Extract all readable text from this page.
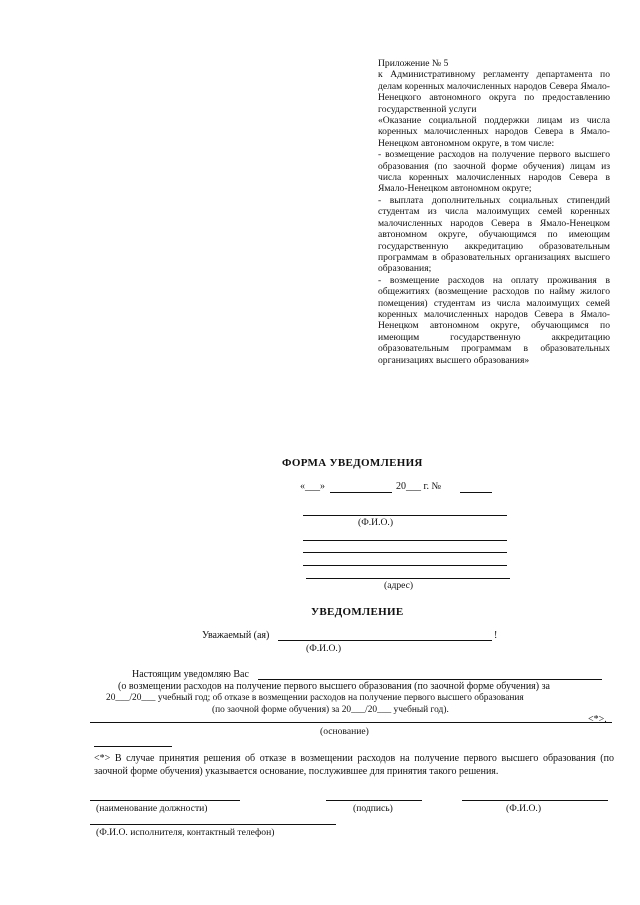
Приложение № 5
к Административному регламенту департамента по делам коренных малочисленных народов Севера Ямало-Ненецкого автономного округа по предоставлению государственной услуги
«Оказание социальной поддержки лицам из числа коренных малочисленных народов Севера в Ямало-Ненецком автономном округе, в том числе:
- возмещение расходов на получение первого высшего образования (по заочной форме обучения) лицам из числа коренных малочисленных народов Севера в Ямало-Ненецком автономном округе;
- выплата дополнительных социальных стипендий студентам из числа малоимущих семей коренных малочисленных народов Севера в Ямало-Ненецком автономном округе, обучающимся по имеющим государственную аккредитацию образовательным программам в образовательных организациях высшего образования;
- возмещение расходов на оплату проживания в общежитиях (возмещение расходов по найму жилого помещения) студентам из числа малоимущих семей коренных малочисленных народов Севера в Ямало-Ненецком автономном округе, обучающимся по имеющим государственную аккредитацию образовательным программам в образовательных организациях высшего образования»
ФОРМА УВЕДОМЛЕНИЯ
«___»	20___ г. №
(Ф.И.О.)
(адрес)
УВЕДОМЛЕНИЕ
Уважаемый (ая)	!
(Ф.И.О.)
Настоящим уведомляю Вас
(о возмещении расходов на получение первого высшего образования (по заочной форме обучения) за
20___/20___ учебный год; об отказе в возмещении расходов на получение первого высшего образования
(по заочной форме обучения) за 20___/20___ учебный год).
<*>.
(основание)
<*> В случае принятия решения об отказе в возмещении расходов на получение первого высшего образования (по заочной форме обучения) указывается основание, послужившее для принятия такого решения.
(наименование должности)	(подпись)	(Ф.И.О.)
(Ф.И.О. исполнителя, контактный телефон)
